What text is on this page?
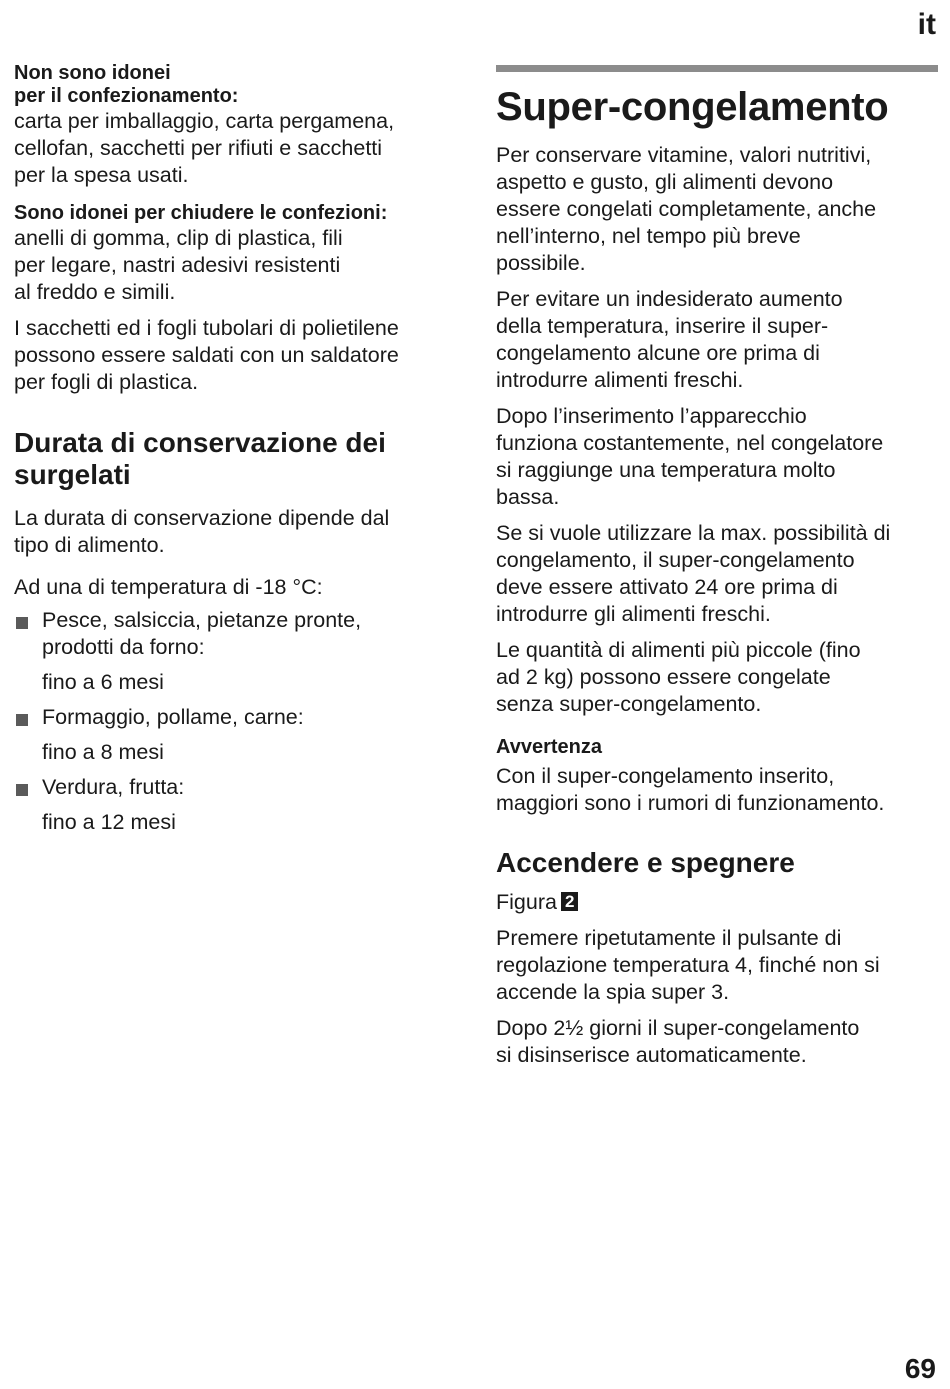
it
Non sono idonei
per il confezionamento:

carta per imballaggio, carta pergamena,
cellofan, sacchetti per rifiuti e sacchetti
per la spesa usati.

Sono idonei per chiudere le confezioni:

anelli di gomma, clip di plastica, fili
per legare, nastri adesivi resistenti
al freddo e simili.

I sacchetti ed i fogli tubolari di polietilene
possono essere saldati con un saldatore
per fogli di plastica.

Durata di conservazione dei
surgelati

La durata di conservazione dipende dal
tipo di alimento.

Ad una di temperatura di -18 °C:

Pesce, salsiccia, pietanze pronte,
prodotti da forno:

fino a 6 mesi

Formaggio, pollame, carne:

fino a 8 mesi

Verdura, frutta:

fino a 12 mesi

Super-congelamento

Per conservare vitamine, valori nutritivi,
aspetto e gusto, gli alimenti devono
essere congelati completamente, anche
nell’interno, nel tempo più breve
possibile.

Per evitare un indesiderato aumento
della temperatura, inserire il super-
congelamento alcune ore prima di
introdurre alimenti freschi.

Dopo l’inserimento l’apparecchio
funziona costantemente, nel congelatore
si raggiunge una temperatura molto
bassa.

Se si vuole utilizzare la max. possibilità di
congelamento, il super-congelamento
deve essere attivato 24 ore prima di
introdurre gli alimenti freschi.

Le quantità di alimenti più piccole (fino
ad 2 kg) possono essere congelate
senza super-congelamento.

Avvertenza

Con il super-congelamento inserito,
maggiori sono i rumori di funzionamento.

Accendere e spegnere

Figura 2

Premere ripetutamente il pulsante di
regolazione temperatura 4, finché non si
accende la spia super 3.

Dopo 2½ giorni il super-congelamento
si disinserisce automaticamente.

69
